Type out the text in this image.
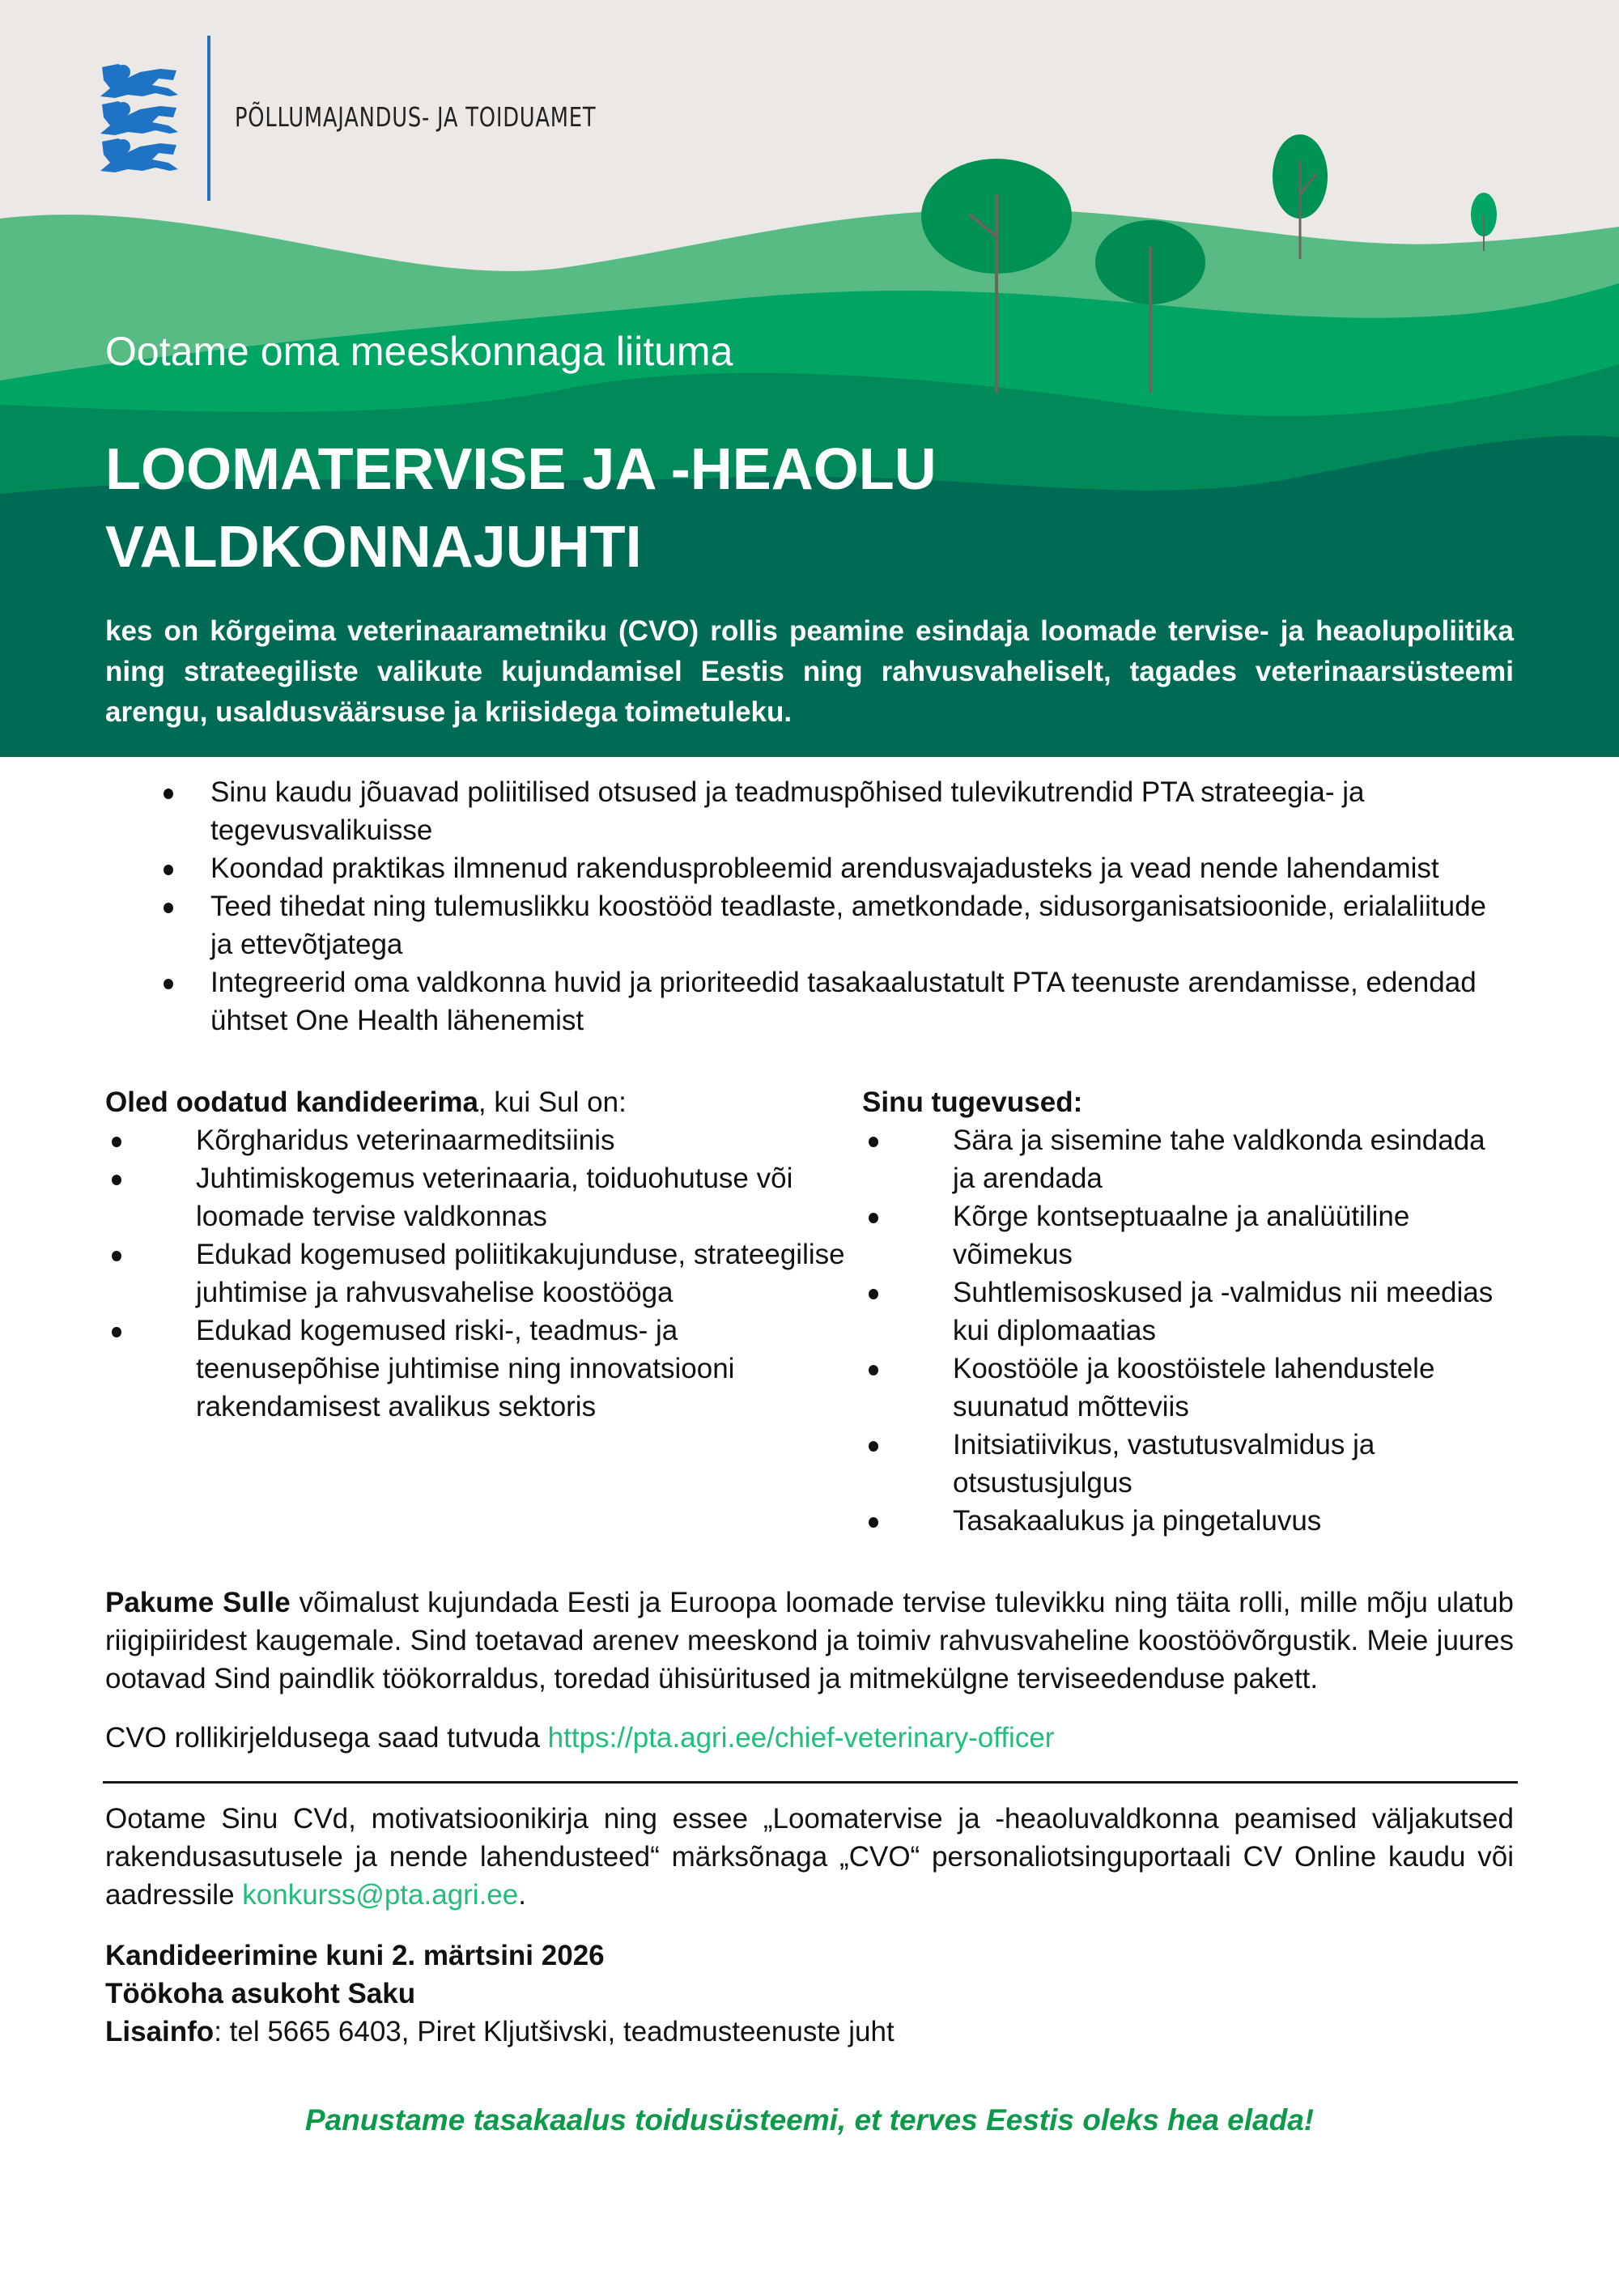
PÕLLUMAJANDUS- JA TOIDUAMET
Ootame oma meeskonnaga liituma
LOOMATERVISE JA -HEAOLU
VALDKONNAJUHTI

kes on kõrgeima veterinaarametniku (CVO) rollis peamine esindaja loomade tervise- ja heaolupoliitika ning strateegiliste valikute kujundamisel Eestis ning rahvusvaheliselt, tagades veterinaarsüsteemi arengu, usaldusväärsuse ja kriisidega toimetuleku.

Sinu kaudu jõuavad poliitilised otsused ja teadmuspõhised tulevikutrendid PTA strateegia- ja tegevusvalikuisse
Koondad praktikas ilmnenud rakendusprobleemid arendusvajadusteks ja vead nende lahendamist
Teed tihedat ning tulemuslikku koostööd teadlaste, ametkondade, sidusorganisatsioonide, erialaliitude ja ettevõtjatega
Integreerid oma valdkonna huvid ja prioriteedid tasakaalustatult PTA teenuste arendamisse, edendad ühtset One Health lähenemist

Oled oodatud kandideerima, kui Sul on:

Kõrgharidus veterinaarmeditsiinis
Juhtimiskogemus veterinaaria, toiduohutuse või loomade tervise valdkonnas
Edukad kogemused poliitikakujunduse, strateegilise juhtimise ja rahvusvahelise koostööga
Edukad kogemused riski-, teadmus- ja teenusepõhise juhtimise ning innovatsiooni rakendamisest avalikus sektoris

Sinu tugevused:

Sära ja sisemine tahe valdkonda esindada ja arendada
Kõrge kontseptuaalne ja analüütiline võimekus
Suhtlemisoskused ja -valmidus nii meedias kui diplomaatias
Koostööle ja koostöistele lahendustele suunatud mõtteviis
Initsiatiivikus, vastutusvalmidus ja otsustusjulgus
Tasakaalukus ja pingetaluvus

Pakume Sulle võimalust kujundada Eesti ja Euroopa loomade tervise tulevikku ning täita rolli, mille mõju ulatub riigipiiridest kaugemale. Sind toetavad arenev meeskond ja toimiv rahvusvaheline koostöövõrgustik. Meie juures ootavad Sind paindlik töökorraldus, toredad ühisüritused ja mitmekülgne terviseedenduse pakett.

CVO rollikirjeldusega saad tutvuda https://pta.agri.ee/chief-veterinary-officer

Ootame Sinu CVd, motivatsioonikirja ning essee „Loomatervise ja -heaoluvaldkonna peamised väljakutsed rakendusasutusele ja nende lahendusteed“ märksõnaga „CVO“ personaliotsinguportaali CV Online kaudu või aadressile konkurss@pta.agri.ee.

Kandideerimine kuni 2. märtsini 2026
Töökoha asukoht Saku
Lisainfo: tel 5665 6403, Piret Kljutšivski, teadmusteenuste juht
Panustame tasakaalus toidusüsteemi, et terves Eestis oleks hea elada!
